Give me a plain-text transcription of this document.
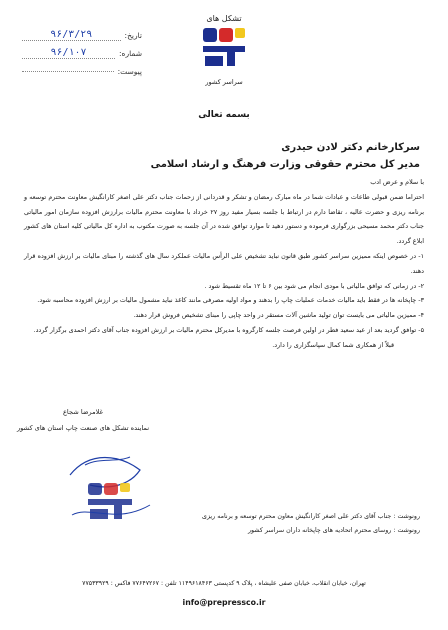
۹۶/۳/۲۹	تاریخ:
۹۶/۱۰۷	شماره:
پیوست:
تشکل های
سراسر کشور
بسمه تعالی
سرکارخانم دکتر لادن حیدری
مدیر کل محترم حقوقی وزارت فرهنگ و ارشاد اسلامی

با سلام و عرض ادب

احتراما ضمن قبولی طاعات و عبادات شما در ماه مبارک رمضان و تشکر و قدردانی از زحمات جناب دکتر علی اصغر کارانگیش معاونت محترم توسعه و برنامه ریزی و حضرت عالیه ، تقاضا دارم در ارتباط با جلسه بسیار مفید روز ۲۷ خرداد با معاونت محترم مالیات برارزش افزوده سازمان امور مالیاتی جناب دکتر محمد مسیحی بزرگواری فرموده و دستور دهید تا موارد توافق شده در آن جلسه به صورت مکتوب به اداره کل مالیاتی کلیه استان های کشور ابلاغ گردد.

۱- در خصوص اینکه ممیزین سراسر کشور طبق قانون نباید تشخیص علی الرأس مالیات عملکرد سال های گذشته را مبنای مالیات بر ارزش افزوده قرار دهند.

۲- در زمانی که توافق مالیاتی با مودی انجام می شود بین ۶ تا ۱۲ ماه تقسیط شود .

۳- چاپخانه ها در فقط باید مالیات خدمات عملیات چاپ را بدهند و مواد اولیه مصرفی مانند کاغذ نباید مشمول مالیات بر ارزش افزوده محاسبه شود.

۴- ممیزین مالیاتی می بایست توان تولید ماشین آلات مستقر در واحد چاپی را مبنای تشخیص فروش قرار دهند.

۵- توافق گردید بعد از عید سعید فطر در اولین فرصت جلسه کارگروه با مدیرکل محترم مالیات بر ارزش افزوده جناب آقای دکتر احمدی برگزار گردد.

قبلاً از همکاری شما کمال سپاسگزاری را دارد.

غلامرضا شجاع
نماینده تشکل های صنعت چاپ استان های کشور
رونوشت : جناب آقای دکتر علی اصغر کارانگیش معاون محترم توسعه و برنامه ریزی
رونوشت : روسای محترم اتحادیه های چاپخانه داران سراسر کشور
تهران، خیابان انقلاب، خیابان صفی علیشاه ، پلاک ۹ کدپستی ۱۱۴۹۶۱۸۴۶۳ تلفن : ۷۷۶۴۷۲۶۷ فاکس : ۷۷۵۳۳۹۲۹
info@prepressco.ir
